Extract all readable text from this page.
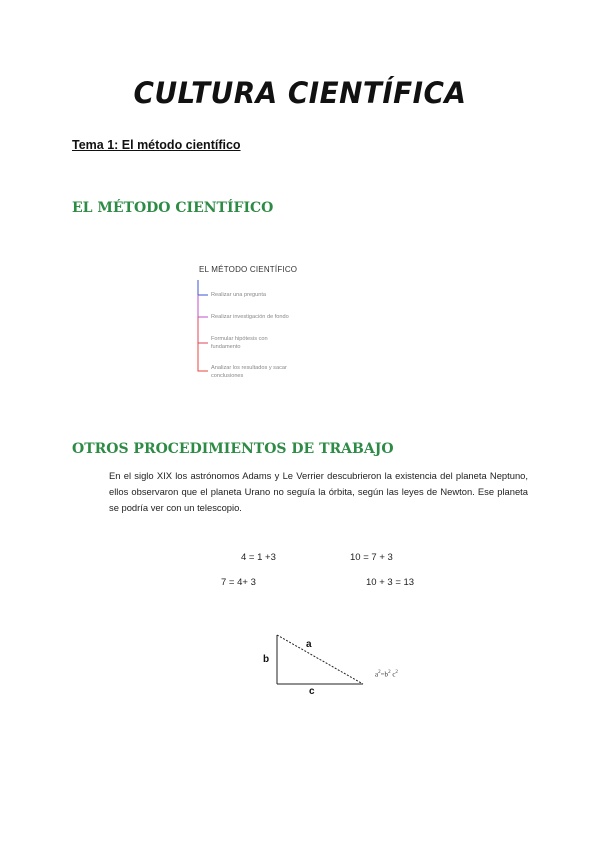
CULTURA CIENTÍFICA
Tema 1: El método científico
EL MÉTODO CIENTÍFICO
EL MÉTODO CIENTÍFICO
Realizar una pregunta
Realizar investigación de fondo
Formular hipótesis con fundamento
Analizar los resultados y sacar conclusiones
OTROS PROCEDIMIENTOS DE TRABAJO
En el siglo XIX los astrónomos Adams y Le Verrier descubrieron la existencia del planeta Neptuno, ellos observaron que el planeta Urano no seguía la órbita, según las leyes de Newton. Ese planeta se podría ver con un telescopio.
4 = 1 +3	10 = 7 + 3
7 = 4+ 3	10 + 3 = 13
a
b
c
$a^2=b^2$ $c^2$
